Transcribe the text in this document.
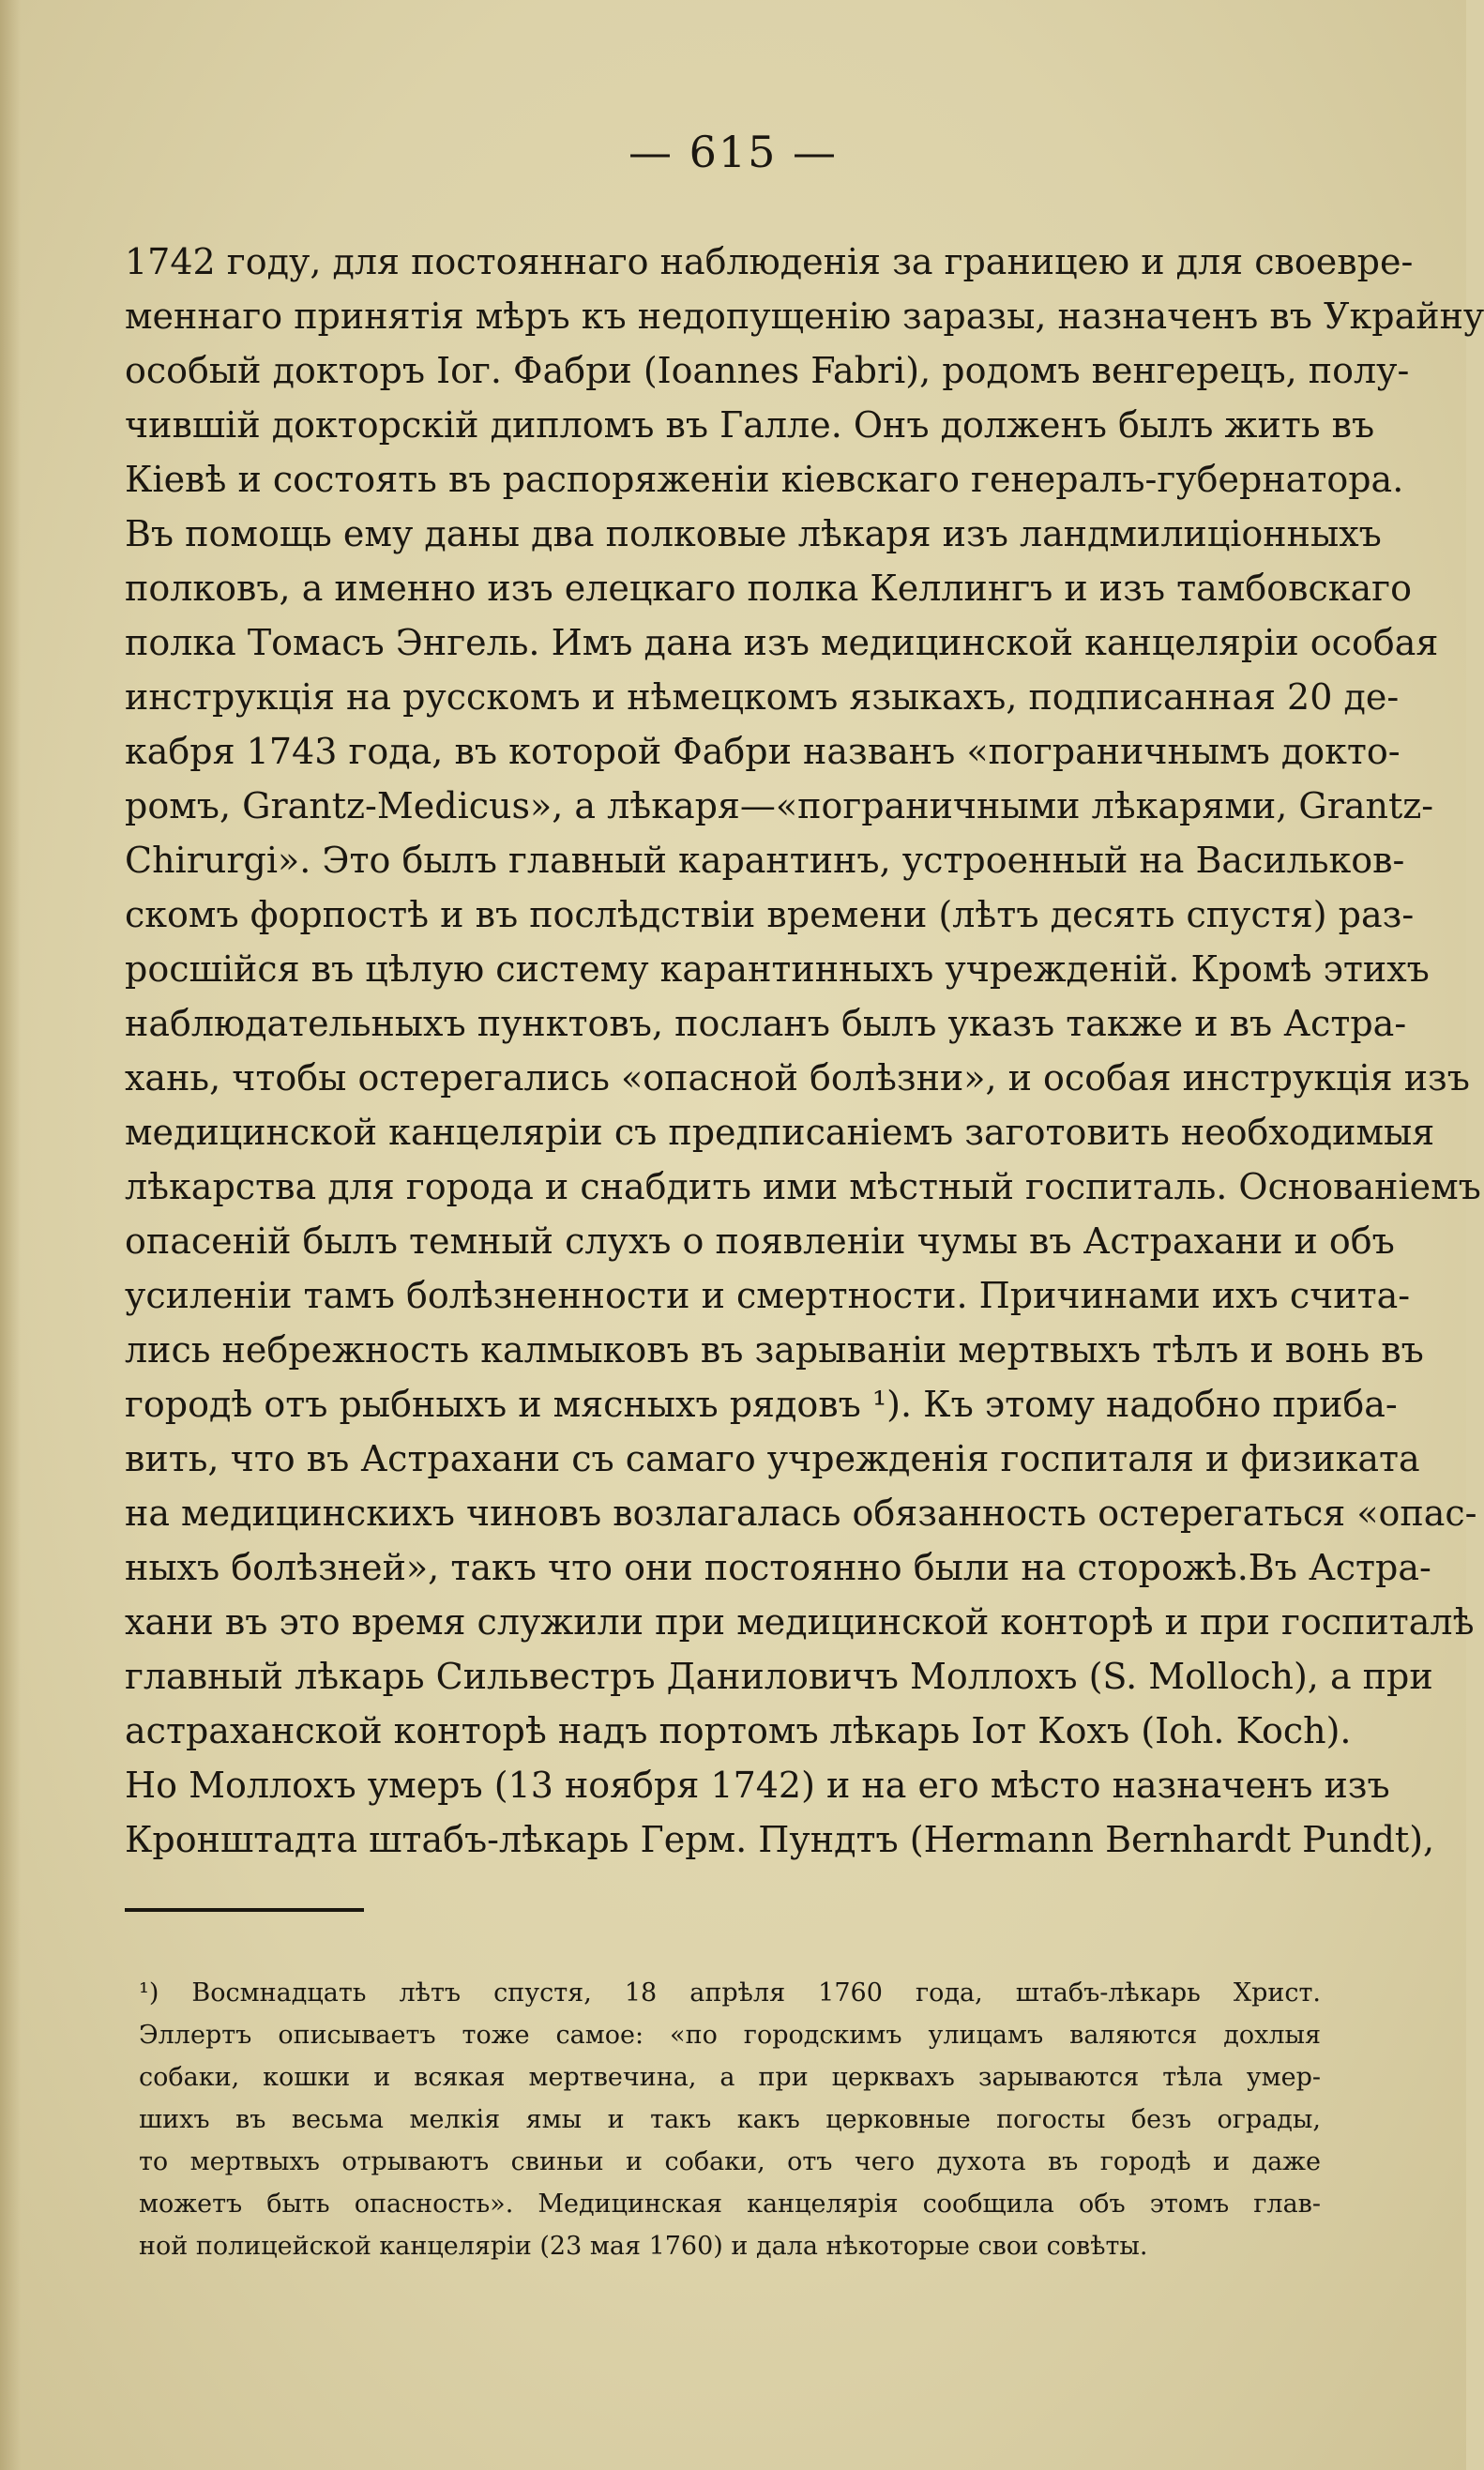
— 615 —
1742 году, для постояннаго наблюденія за границею и для своевре-
меннаго принятія мѣръ къ недопущенію заразы, назначенъ въ Украйну
особый докторъ Іог. Фабри (Ioannes Fabri), родомъ венгерецъ, полу-
чившій докторскій дипломъ въ Галле. Онъ долженъ былъ жить въ
Кіевѣ и состоять въ распоряженіи кіевскаго генералъ-губернатора.
Въ помощь ему даны два полковые лѣкаря изъ ландмилиціонныхъ
полковъ, а именно изъ елецкаго полка Келлингъ и изъ тамбовскаго
полка Томасъ Энгель. Имъ дана изъ медицинской канцеляріи особая
инструкція на русскомъ и нѣмецкомъ языкахъ, подписанная 20 де-
кабря 1743 года, въ которой Фабри названъ «пограничнымъ докто-
ромъ, Grantz-Medicus», а лѣкаря—«пограничными лѣкарями, Grantz-
Chirurgi». Это былъ главный карантинъ, устроенный на Васильков-
скомъ форпостѣ и въ послѣдствіи времени (лѣтъ десять спустя) раз-
росшійся въ цѣлую систему карантинныхъ учрежденій. Кромѣ этихъ
наблюдательныхъ пунктовъ, посланъ былъ указъ также и въ Астра-
хань, чтобы остерегались «опасной болѣзни», и особая инструкція изъ
медицинской канцеляріи съ предписаніемъ заготовить необходимыя
лѣкарства для города и снабдить ими мѣстный госпиталь. Основаніемъ
опасеній былъ темный слухъ о появленіи чумы въ Астрахани и объ
усиленіи тамъ болѣзненности и смертности. Причинами ихъ счита-
лись небрежность калмыковъ въ зарываніи мертвыхъ тѣлъ и вонь въ
городѣ отъ рыбныхъ и мясныхъ рядовъ ¹). Къ этому надобно приба-
вить, что въ Астрахани съ самаго учрежденія госпиталя и физиката
на медицинскихъ чиновъ возлагалась обязанность остерегаться «опас-
ныхъ болѣзней», такъ что они постоянно были на сторожѣ.Въ Астра-
хани въ это время служили при медицинской конторѣ и при госпиталѣ
главный лѣкарь Сильвестръ Даниловичъ Моллохъ (S. Molloch), а при
астраханской конторѣ надъ портомъ лѣкарь Іот Кохъ (Ioh. Koch).
Но Моллохъ умеръ (13 ноября 1742) и на его мѣсто назначенъ изъ
Кронштадта штабъ-лѣкарь Герм. Пундтъ (Hermann Bernhardt Pundt),
¹) Восмнадцать лѣтъ спустя, 18 апрѣля 1760 года, штабъ-лѣкарь Христ.
Эллертъ описываетъ тоже самое: «по городскимъ улицамъ валяются дохлыя
собаки, кошки и всякая мертвечина, а при церквахъ зарываются тѣла умер-
шихъ въ весьма мелкія ямы и такъ какъ церковные погосты безъ ограды,
то мертвыхъ отрываютъ свиньи и собаки, отъ чего духота въ городѣ и даже
можетъ быть опасность». Медицинская канцелярія сообщила объ этомъ глав-
ной полицейской канцеляріи (23 мая 1760) и дала нѣкоторые свои совѣты.
